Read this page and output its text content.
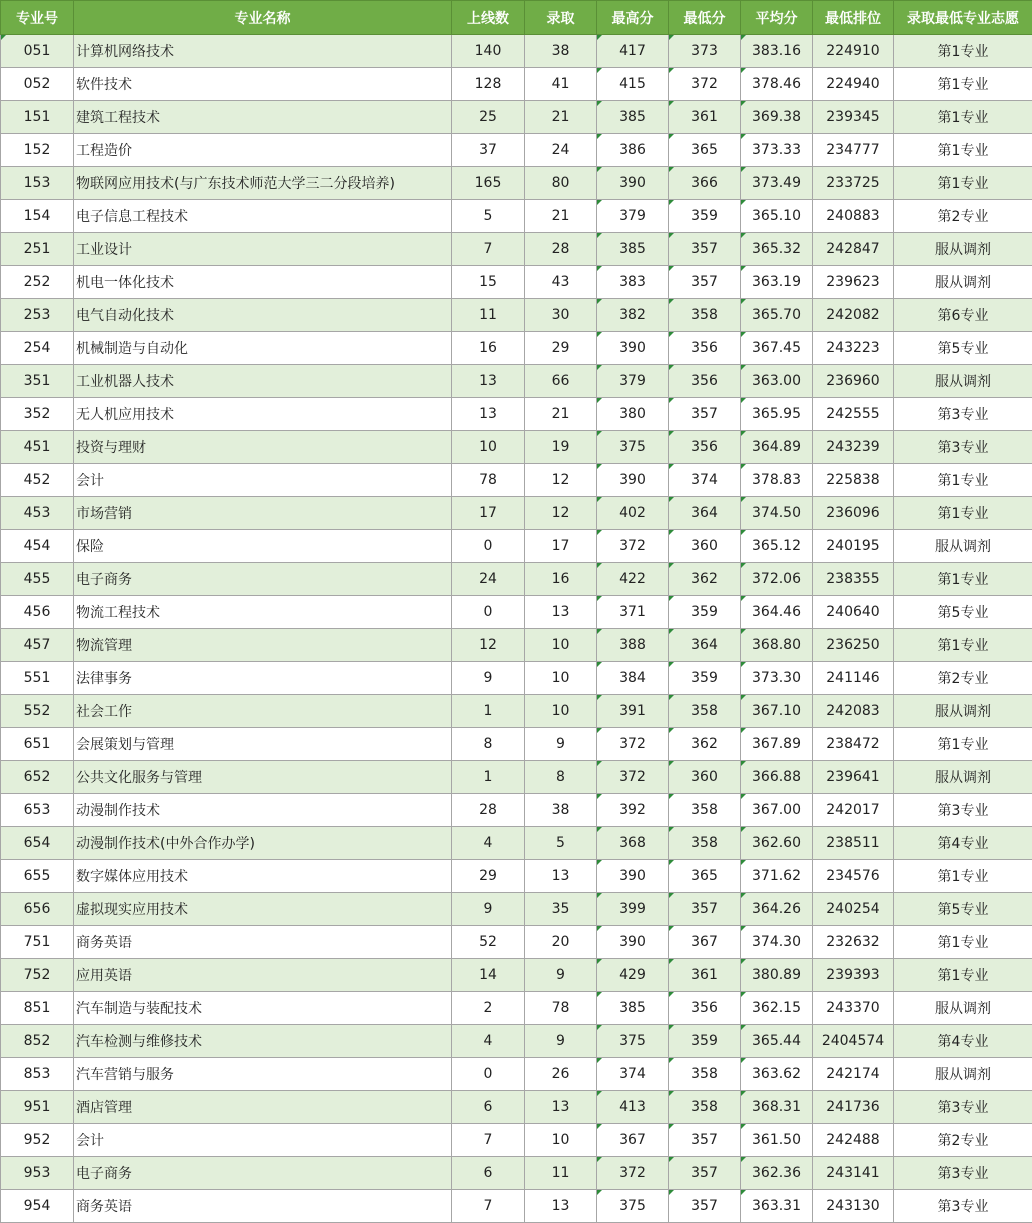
专业号	专业名称	上线数	录取	最高分	最低分	平均分	最低排位	录取最低专业志愿
051	计算机网络技术	140	38	417	373	383.16	224910	第1专业
052	软件技术	128	41	415	372	378.46	224940	第1专业
151	建筑工程技术	25	21	385	361	369.38	239345	第1专业
152	工程造价	37	24	386	365	373.33	234777	第1专业
153	物联网应用技术(与广东技术师范大学三二分段培养)	165	80	390	366	373.49	233725	第1专业
154	电子信息工程技术	5	21	379	359	365.10	240883	第2专业
251	工业设计	7	28	385	357	365.32	242847	服从调剂
252	机电一体化技术	15	43	383	357	363.19	239623	服从调剂
253	电气自动化技术	11	30	382	358	365.70	242082	第6专业
254	机械制造与自动化	16	29	390	356	367.45	243223	第5专业
351	工业机器人技术	13	66	379	356	363.00	236960	服从调剂
352	无人机应用技术	13	21	380	357	365.95	242555	第3专业
451	投资与理财	10	19	375	356	364.89	243239	第3专业
452	会计	78	12	390	374	378.83	225838	第1专业
453	市场营销	17	12	402	364	374.50	236096	第1专业
454	保险	0	17	372	360	365.12	240195	服从调剂
455	电子商务	24	16	422	362	372.06	238355	第1专业
456	物流工程技术	0	13	371	359	364.46	240640	第5专业
457	物流管理	12	10	388	364	368.80	236250	第1专业
551	法律事务	9	10	384	359	373.30	241146	第2专业
552	社会工作	1	10	391	358	367.10	242083	服从调剂
651	会展策划与管理	8	9	372	362	367.89	238472	第1专业
652	公共文化服务与管理	1	8	372	360	366.88	239641	服从调剂
653	动漫制作技术	28	38	392	358	367.00	242017	第3专业
654	动漫制作技术(中外合作办学)	4	5	368	358	362.60	238511	第4专业
655	数字媒体应用技术	29	13	390	365	371.62	234576	第1专业
656	虚拟现实应用技术	9	35	399	357	364.26	240254	第5专业
751	商务英语	52	20	390	367	374.30	232632	第1专业
752	应用英语	14	9	429	361	380.89	239393	第1专业
851	汽车制造与装配技术	2	78	385	356	362.15	243370	服从调剂
852	汽车检测与维修技术	4	9	375	359	365.44	2404574	第4专业
853	汽车营销与服务	0	26	374	358	363.62	242174	服从调剂
951	酒店管理	6	13	413	358	368.31	241736	第3专业
952	会计	7	10	367	357	361.50	242488	第2专业
953	电子商务	6	11	372	357	362.36	243141	第3专业
954	商务英语	7	13	375	357	363.31	243130	第3专业
